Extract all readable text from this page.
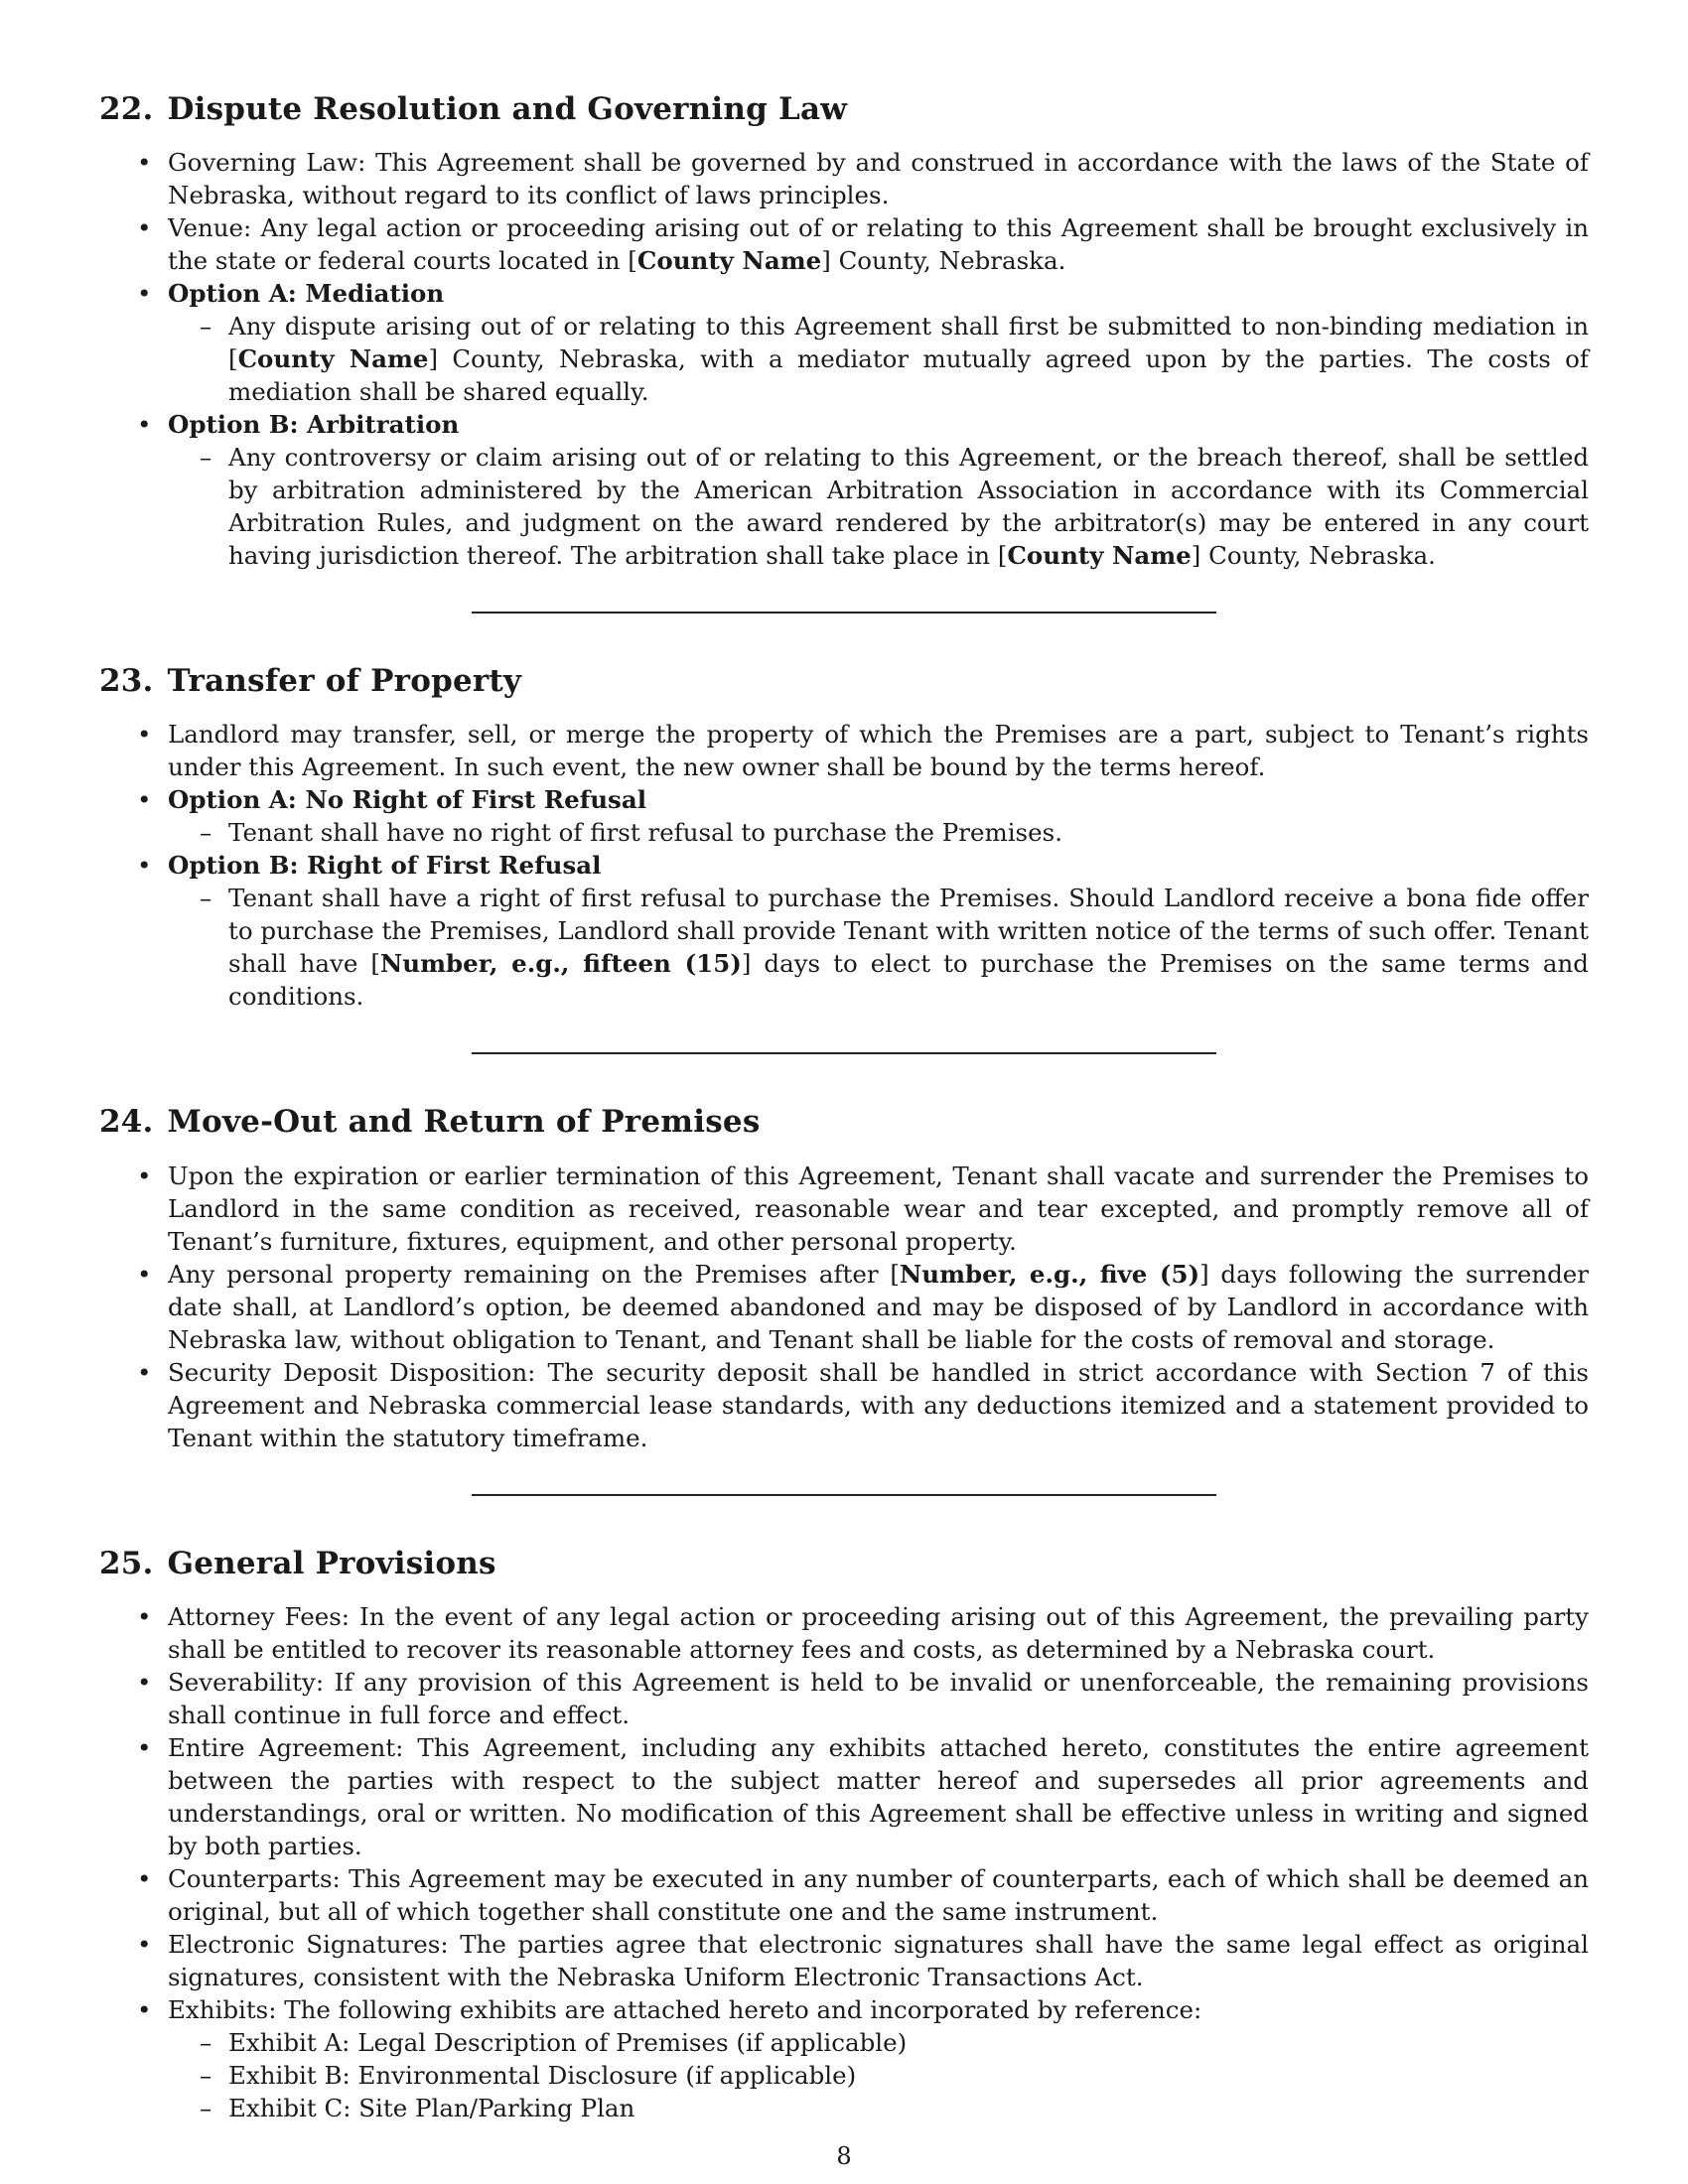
22. Dispute Resolution and Governing Law
• Governing Law: This Agreement shall be governed by and construed in accordance with the laws of the State of Nebraska, without regard to its conflict of laws principles.
• Venue: Any legal action or proceeding arising out of or relating to this Agreement shall be brought exclusively in the state or federal courts located in [County Name] County, Nebraska.
• Option A: Mediation
– Any dispute arising out of or relating to this Agreement shall first be submitted to non-binding mediation in [County Name] County, Nebraska, with a mediator mutually agreed upon by the parties. The costs of mediation shall be shared equally.
• Option B: Arbitration
– Any controversy or claim arising out of or relating to this Agreement, or the breach thereof, shall be settled by arbitration administered by the American Arbitration Association in accordance with its Commercial Arbitration Rules, and judgment on the award rendered by the arbitrator(s) may be entered in any court having jurisdiction thereof. The arbitration shall take place in [County Name] County, Nebraska.
23. Transfer of Property
• Landlord may transfer, sell, or merge the property of which the Premises are a part, subject to Tenant’s rights under this Agreement. In such event, the new owner shall be bound by the terms hereof.
• Option A: No Right of First Refusal
– Tenant shall have no right of first refusal to purchase the Premises.
• Option B: Right of First Refusal
– Tenant shall have a right of first refusal to purchase the Premises. Should Landlord receive a bona fide offer to purchase the Premises, Landlord shall provide Tenant with written notice of the terms of such offer. Tenant shall have [Number, e.g., fifteen (15)] days to elect to purchase the Premises on the same terms and conditions.
24. Move-Out and Return of Premises
• Upon the expiration or earlier termination of this Agreement, Tenant shall vacate and surrender the Premises to Landlord in the same condition as received, reasonable wear and tear excepted, and promptly remove all of Tenant’s furniture, fixtures, equipment, and other personal property.
• Any personal property remaining on the Premises after [Number, e.g., five (5)] days following the surrender date shall, at Landlord’s option, be deemed abandoned and may be disposed of by Landlord in accordance with Nebraska law, without obligation to Tenant, and Tenant shall be liable for the costs of removal and storage.
• Security Deposit Disposition: The security deposit shall be handled in strict accordance with Section 7 of this Agreement and Nebraska commercial lease standards, with any deductions itemized and a statement provided to Tenant within the statutory timeframe.
25. General Provisions
• Attorney Fees: In the event of any legal action or proceeding arising out of this Agreement, the prevailing party shall be entitled to recover its reasonable attorney fees and costs, as determined by a Nebraska court.
• Severability: If any provision of this Agreement is held to be invalid or unenforceable, the remaining provisions shall continue in full force and effect.
• Entire Agreement: This Agreement, including any exhibits attached hereto, constitutes the entire agreement between the parties with respect to the subject matter hereof and supersedes all prior agreements and understandings, oral or written. No modification of this Agreement shall be effective unless in writing and signed by both parties.
• Counterparts: This Agreement may be executed in any number of counterparts, each of which shall be deemed an original, but all of which together shall constitute one and the same instrument.
• Electronic Signatures: The parties agree that electronic signatures shall have the same legal effect as original signatures, consistent with the Nebraska Uniform Electronic Transactions Act.
• Exhibits: The following exhibits are attached hereto and incorporated by reference:
– Exhibit A: Legal Description of Premises (if applicable)
– Exhibit B: Environmental Disclosure (if applicable)
– Exhibit C: Site Plan/Parking Plan
8
